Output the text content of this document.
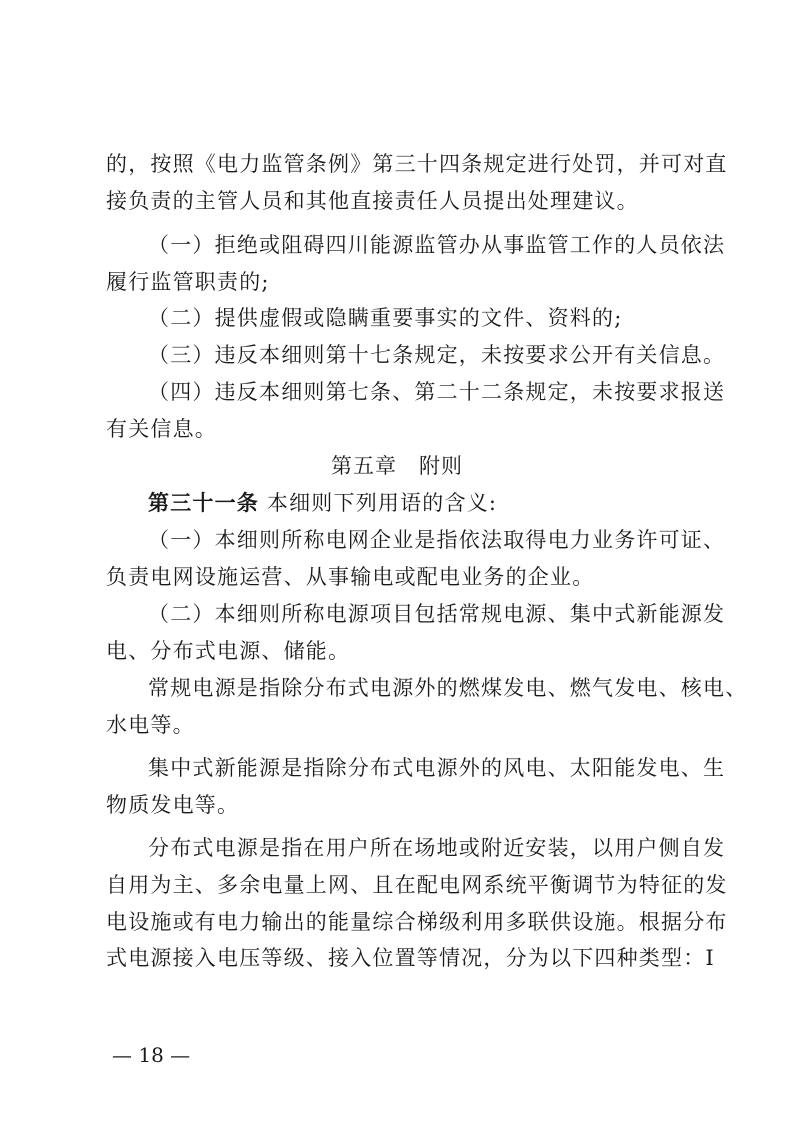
的，按照《电力监管条例》第三十四条规定进行处罚，并可对直
接负责的主管人员和其他直接责任人员提出处理建议。
（一）拒绝或阻碍四川能源监管办从事监管工作的人员依法
履行监管职责的;
（二）提供虚假或隐瞒重要事实的文件、资料的;
（三）违反本细则第十七条规定，未按要求公开有关信息。
（四）违反本细则第七条、第二十二条规定，未按要求报送
有关信息。
第五章 附则
第三十一条 本细则下列用语的含义:
（一）本细则所称电网企业是指依法取得电力业务许可证、
负责电网设施运营、从事输电或配电业务的企业。
（二）本细则所称电源项目包括常规电源、集中式新能源发
电、分布式电源、储能。
常规电源是指除分布式电源外的燃煤发电、燃气发电、核电、
水电等。
集中式新能源是指除分布式电源外的风电、太阳能发电、生
物质发电等。
分布式电源是指在用户所在场地或附近安装，以用户侧自发
自用为主、多余电量上网、且在配电网系统平衡调节为特征的发
电设施或有电力输出的能量综合梯级利用多联供设施。根据分布
式电源接入电压等级、接入位置等情况，分为以下四种类型：I
— 18 —
